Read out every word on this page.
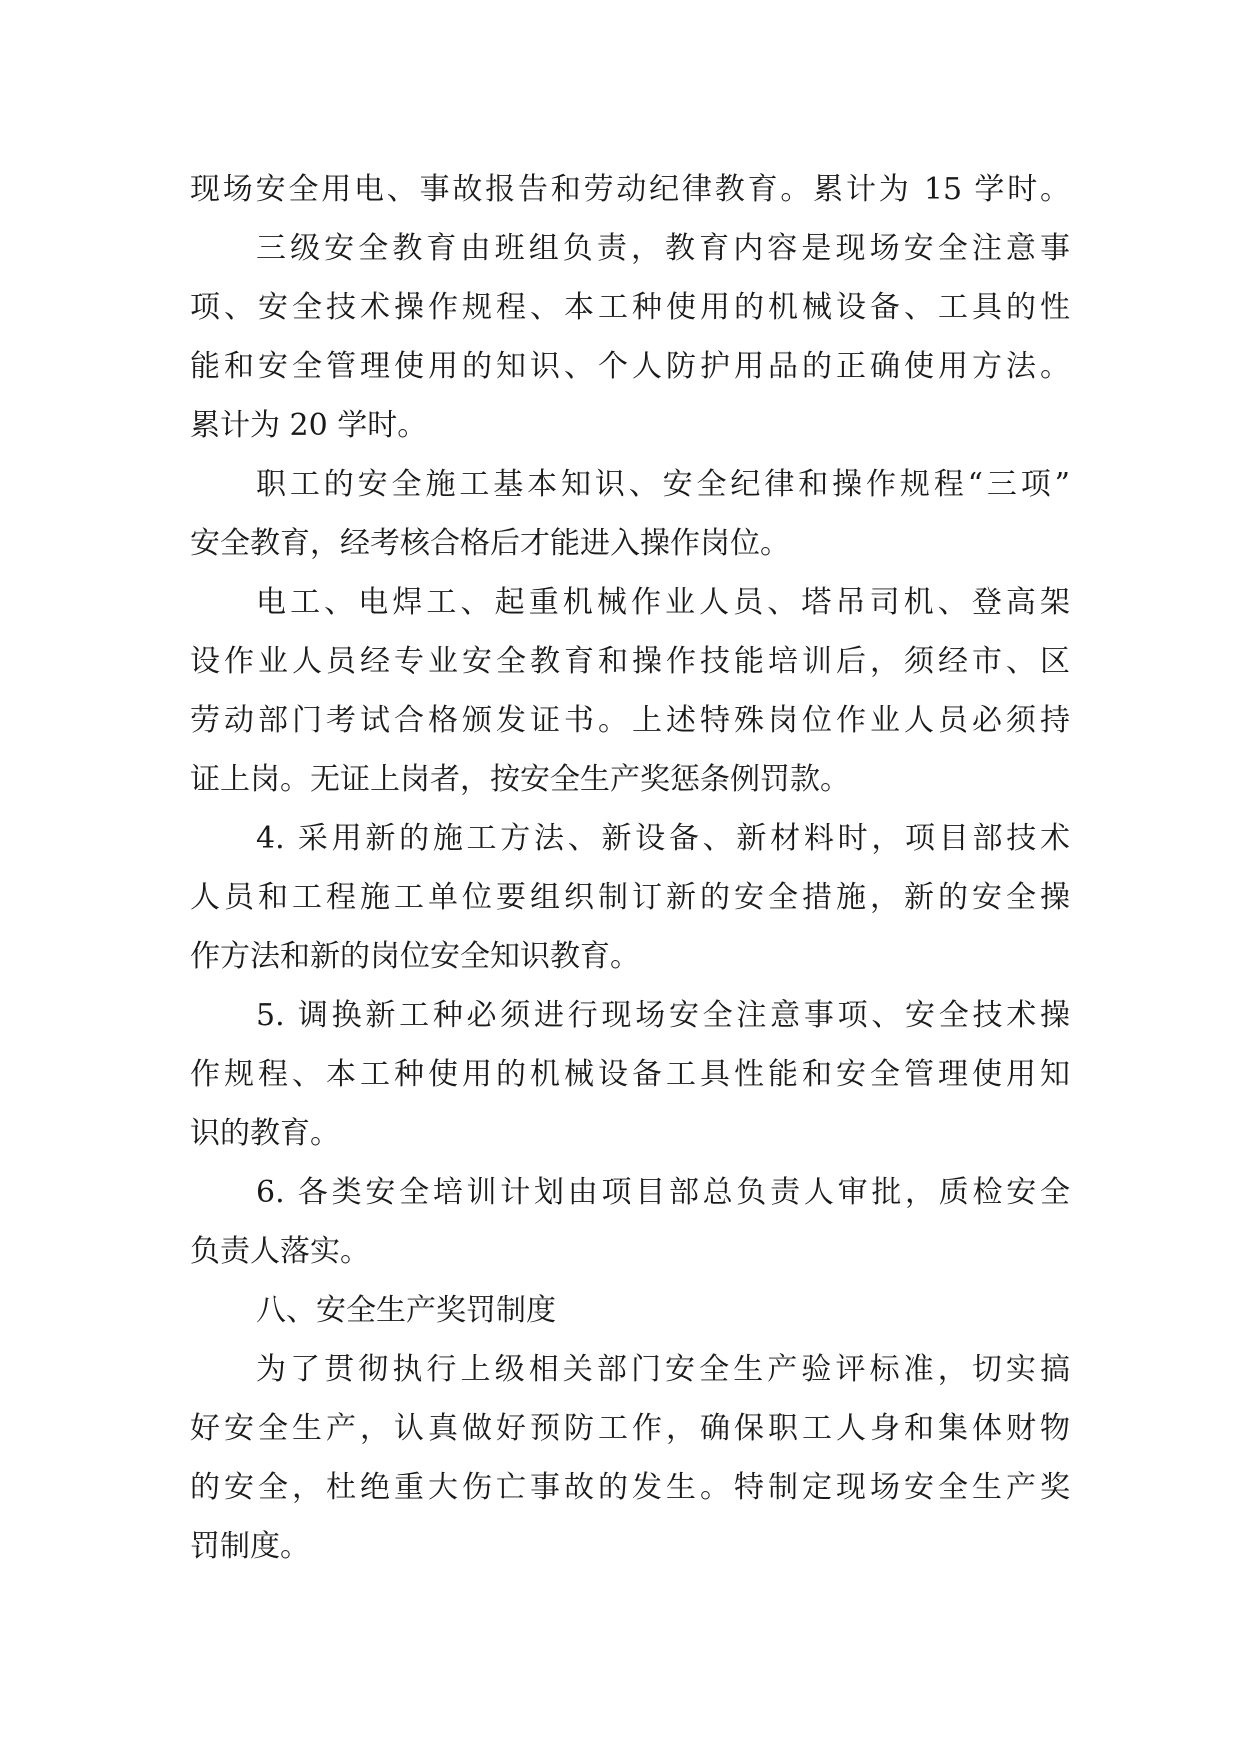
现场安全用电、事故报告和劳动纪律教育。累计为 15 学时。
三级安全教育由班组负责，教育内容是现场安全注意事
项、安全技术操作规程、本工种使用的机械设备、工具的性
能和安全管理使用的知识、个人防护用品的正确使用方法。
累计为 20 学时。
职工的安全施工基本知识、安全纪律和操作规程“三项”
安全教育，经考核合格后才能进入操作岗位。
电工、电焊工、起重机械作业人员、塔吊司机、登高架
设作业人员经专业安全教育和操作技能培训后，须经市、区
劳动部门考试合格颁发证书。上述特殊岗位作业人员必须持
证上岗。无证上岗者，按安全生产奖惩条例罚款。
4. 采用新的施工方法、新设备、新材料时，项目部技术
人员和工程施工单位要组织制订新的安全措施，新的安全操
作方法和新的岗位安全知识教育。
5. 调换新工种必须进行现场安全注意事项、安全技术操
作规程、本工种使用的机械设备工具性能和安全管理使用知
识的教育。
6. 各类安全培训计划由项目部总负责人审批，质检安全
负责人落实。
八、安全生产奖罚制度
为了贯彻执行上级相关部门安全生产验评标准，切实搞
好安全生产，认真做好预防工作，确保职工人身和集体财物
的安全，杜绝重大伤亡事故的发生。特制定现场安全生产奖
罚制度。
